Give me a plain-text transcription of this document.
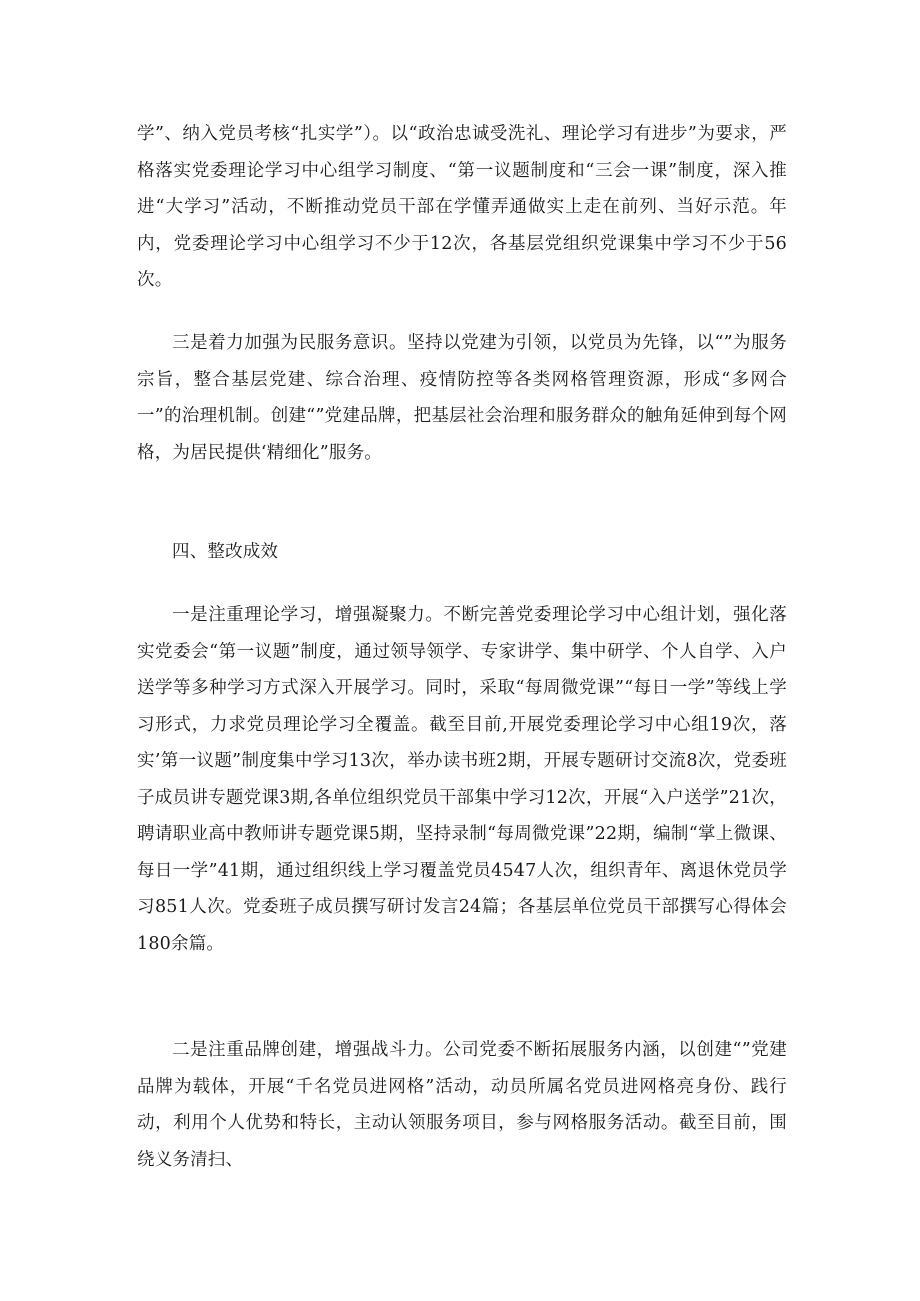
学”、纳入党员考核“扎实学”）。以“政治忠诚受洗礼、理论学习有进步”为要求，严格落实党委理论学习中心组学习制度、“第一议题制度和“三会一课”制度，深入推进“大学习”活动，不断推动党员干部在学懂弄通做实上走在前列、当好示范。年内，党委理论学习中心组学习不少于12次，各基层党组织党课集中学习不少于56次。

三是着力加强为民服务意识。坚持以党建为引领，以党员为先锋，以“”为服务宗旨，整合基层党建、综合治理、疫情防控等各类网格管理资源，形成“多网合一”的治理机制。创建“”党建品牌，把基层社会治理和服务群众的触角延伸到每个网格，为居民提供‘精细化”服务。

四、整改成效

一是注重理论学习，增强凝聚力。不断完善党委理论学习中心组计划，强化落实党委会“第一议题”制度，通过领导领学、专家讲学、集中研学、个人自学、入户送学等多种学习方式深入开展学习。同时，采取“每周微党课”“每日一学”等线上学习形式，力求党员理论学习全覆盖。截至目前,开展党委理论学习中心组19次，落实’第一议题”制度集中学习13次，举办读书班2期，开展专题研讨交流8次，党委班子成员讲专题党课3期,各单位组织党员干部集中学习12次，开展“入户送学”21次，聘请职业高中教师讲专题党课5期，坚持录制“每周微党课”22期，编制“掌上微课、每日一学”41期，通过组织线上学习覆盖党员4547人次，组织青年、离退休党员学习851人次。党委班子成员撰写研讨发言24篇；各基层单位党员干部撰写心得体会180余篇。

二是注重品牌创建，增强战斗力。公司党委不断拓展服务内涵，以创建“”党建品牌为载体，开展“千名党员进网格”活动，动员所属名党员进网格亮身份、践行动，利用个人优势和特长，主动认领服务项目，参与网格服务活动。截至目前，围绕义务清扫、
